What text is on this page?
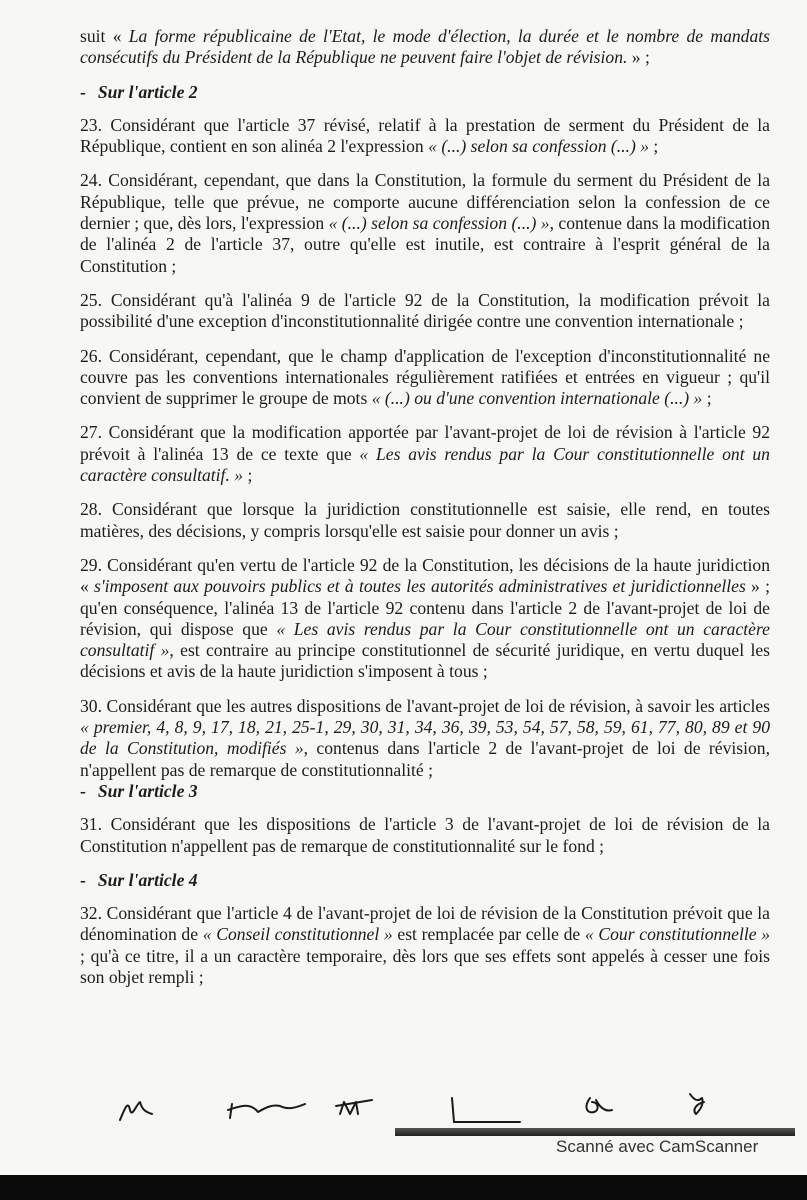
suit « La forme républicaine de l'Etat, le mode d'élection, la durée et le nombre de mandats consécutifs du Président de la République ne peuvent faire l'objet de révision. » ;

- Sur l'article 2

23. Considérant que l'article 37 révisé, relatif à la prestation de serment du Président de la République, contient en son alinéa 2 l'expression « (...) selon sa confession (...) » ;

24. Considérant, cependant, que dans la Constitution, la formule du serment du Président de la République, telle que prévue, ne comporte aucune différenciation selon la confession de ce dernier ; que, dès lors, l'expression « (...) selon sa confession (...) », contenue dans la modification de l'alinéa 2 de l'article 37, outre qu'elle est inutile, est contraire à l'esprit général de la Constitution ;

25. Considérant qu'à l'alinéa 9 de l'article 92 de la Constitution, la modification prévoit la possibilité d'une exception d'inconstitutionnalité dirigée contre une convention internationale ;

26. Considérant, cependant, que le champ d'application de l'exception d'inconstitutionnalité ne couvre pas les conventions internationales régulièrement ratifiées et entrées en vigueur ; qu'il convient de supprimer le groupe de mots « (...) ou d'une convention internationale (...) » ;

27. Considérant que la modification apportée par l'avant-projet de loi de révision à l'article 92 prévoit à l'alinéa 13 de ce texte que « Les avis rendus par la Cour constitutionnelle ont un caractère consultatif. » ;

28. Considérant que lorsque la juridiction constitutionnelle est saisie, elle rend, en toutes matières, des décisions, y compris lorsqu'elle est saisie pour donner un avis ;

29. Considérant qu'en vertu de l'article 92 de la Constitution, les décisions de la haute juridiction « s'imposent aux pouvoirs publics et à toutes les autorités administratives et juridictionnelles » ; qu'en conséquence, l'alinéa 13 de l'article 92 contenu dans l'article 2 de l'avant-projet de loi de révision, qui dispose que « Les avis rendus par la Cour constitutionnelle ont un caractère consultatif », est contraire au principe constitutionnel de sécurité juridique, en vertu duquel les décisions et avis de la haute juridiction s'imposent à tous ;

30. Considérant que les autres dispositions de l'avant-projet de loi de révision, à savoir les articles « premier, 4, 8, 9, 17, 18, 21, 25-1, 29, 30, 31, 34, 36, 39, 53, 54, 57, 58, 59, 61, 77, 80, 89 et 90 de la Constitution, modifiés », contenus dans l'article 2 de l'avant-projet de loi de révision, n'appellent pas de remarque de constitutionnalité ;

- Sur l'article 3

31. Considérant que les dispositions de l'article 3 de l'avant-projet de loi de révision de la Constitution n'appellent pas de remarque de constitutionnalité sur le fond ;

- Sur l'article 4

32. Considérant que l'article 4 de l'avant-projet de loi de révision de la Constitution prévoit que la dénomination de « Conseil constitutionnel » est remplacée par celle de « Cour constitutionnelle » ; qu'à ce titre, il a un caractère temporaire, dès lors que ses effets sont appelés à cesser une fois son objet rempli ;

Scanné avec CamScanner
